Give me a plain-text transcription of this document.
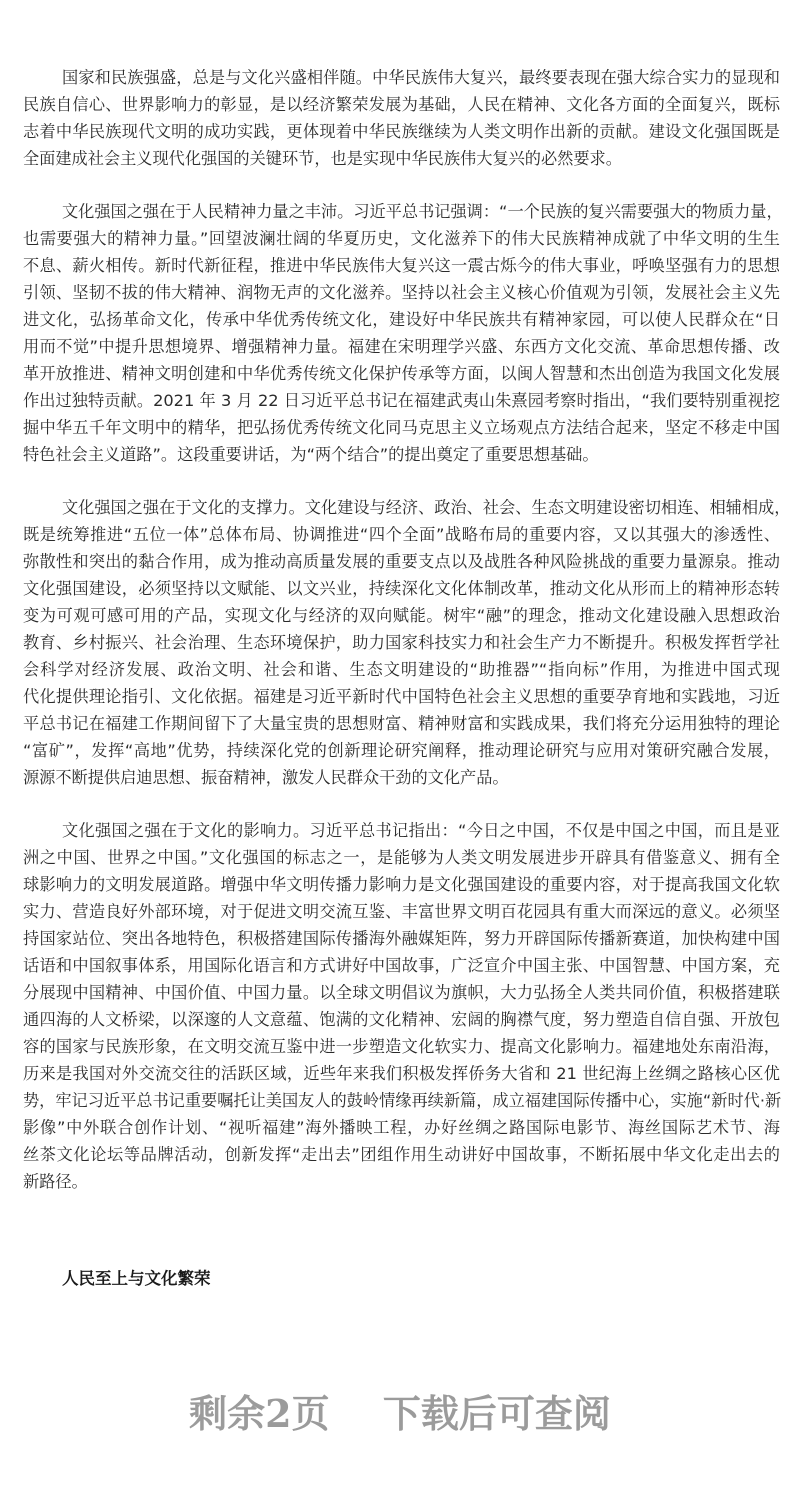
国家和民族强盛，总是与文化兴盛相伴随。中华民族伟大复兴，最终要表现在强大综合实力的显现和
民族自信心、世界影响力的彰显，是以经济繁荣发展为基础，人民在精神、文化各方面的全面复兴，既标
志着中华民族现代文明的成功实践，更体现着中华民族继续为人类文明作出新的贡献。建设文化强国既是
全面建成社会主义现代化强国的关键环节，也是实现中华民族伟大复兴的必然要求。
文化强国之强在于人民精神力量之丰沛。习近平总书记强调：“一个民族的复兴需要强大的物质力量，
也需要强大的精神力量。”回望波澜壮阔的华夏历史，文化滋养下的伟大民族精神成就了中华文明的生生
不息、薪火相传。新时代新征程，推进中华民族伟大复兴这一震古烁今的伟大事业，呼唤坚强有力的思想
引领、坚韧不拔的伟大精神、润物无声的文化滋养。坚持以社会主义核心价值观为引领，发展社会主义先
进文化，弘扬革命文化，传承中华优秀传统文化，建设好中华民族共有精神家园，可以使人民群众在“日
用而不觉”中提升思想境界、增强精神力量。福建在宋明理学兴盛、东西方文化交流、革命思想传播、改
革开放推进、精神文明创建和中华优秀传统文化保护传承等方面，以闽人智慧和杰出创造为我国文化发展
作出过独特贡献。2021 年 3 月 22 日习近平总书记在福建武夷山朱熹园考察时指出，“我们要特别重视挖
掘中华五千年文明中的精华，把弘扬优秀传统文化同马克思主义立场观点方法结合起来，坚定不移走中国
特色社会主义道路”。这段重要讲话，为“两个结合”的提出奠定了重要思想基础。
文化强国之强在于文化的支撑力。文化建设与经济、政治、社会、生态文明建设密切相连、相辅相成，
既是统筹推进“五位一体”总体布局、协调推进“四个全面”战略布局的重要内容，又以其强大的渗透性、
弥散性和突出的黏合作用，成为推动高质量发展的重要支点以及战胜各种风险挑战的重要力量源泉。推动
文化强国建设，必须坚持以文赋能、以文兴业，持续深化文化体制改革，推动文化从形而上的精神形态转
变为可观可感可用的产品，实现文化与经济的双向赋能。树牢“融”的理念，推动文化建设融入思想政治
教育、乡村振兴、社会治理、生态环境保护，助力国家科技实力和社会生产力不断提升。积极发挥哲学社
会科学对经济发展、政治文明、社会和谐、生态文明建设的“助推器”“指向标”作用，为推进中国式现
代化提供理论指引、文化依据。福建是习近平新时代中国特色社会主义思想的重要孕育地和实践地，习近
平总书记在福建工作期间留下了大量宝贵的思想财富、精神财富和实践成果，我们将充分运用独特的理论
“富矿”，发挥“高地”优势，持续深化党的创新理论研究阐释，推动理论研究与应用对策研究融合发展，
源源不断提供启迪思想、振奋精神，激发人民群众干劲的文化产品。
文化强国之强在于文化的影响力。习近平总书记指出：“今日之中国，不仅是中国之中国，而且是亚
洲之中国、世界之中国。”文化强国的标志之一，是能够为人类文明发展进步开辟具有借鉴意义、拥有全
球影响力的文明发展道路。增强中华文明传播力影响力是文化强国建设的重要内容，对于提高我国文化软
实力、营造良好外部环境，对于促进文明交流互鉴、丰富世界文明百花园具有重大而深远的意义。必须坚
持国家站位、突出各地特色，积极搭建国际传播海外融媒矩阵，努力开辟国际传播新赛道，加快构建中国
话语和中国叙事体系，用国际化语言和方式讲好中国故事，广泛宣介中国主张、中国智慧、中国方案，充
分展现中国精神、中国价值、中国力量。以全球文明倡议为旗帜，大力弘扬全人类共同价值，积极搭建联
通四海的人文桥梁，以深邃的人文意蕴、饱满的文化精神、宏阔的胸襟气度，努力塑造自信自强、开放包
容的国家与民族形象，在文明交流互鉴中进一步塑造文化软实力、提高文化影响力。福建地处东南沿海，
历来是我国对外交流交往的活跃区域，近些年来我们积极发挥侨务大省和 21 世纪海上丝绸之路核心区优
势，牢记习近平总书记重要嘱托让美国友人的鼓岭情缘再续新篇，成立福建国际传播中心，实施“新时代·新
影像”中外联合创作计划、“视听福建”海外播映工程，办好丝绸之路国际电影节、海丝国际艺术节、海
丝茶文化论坛等品牌活动，创新发挥“走出去”团组作用生动讲好中国故事，不断拓展中华文化走出去的
新路径。
人民至上与文化繁荣
剩余2页 下载后可查阅
